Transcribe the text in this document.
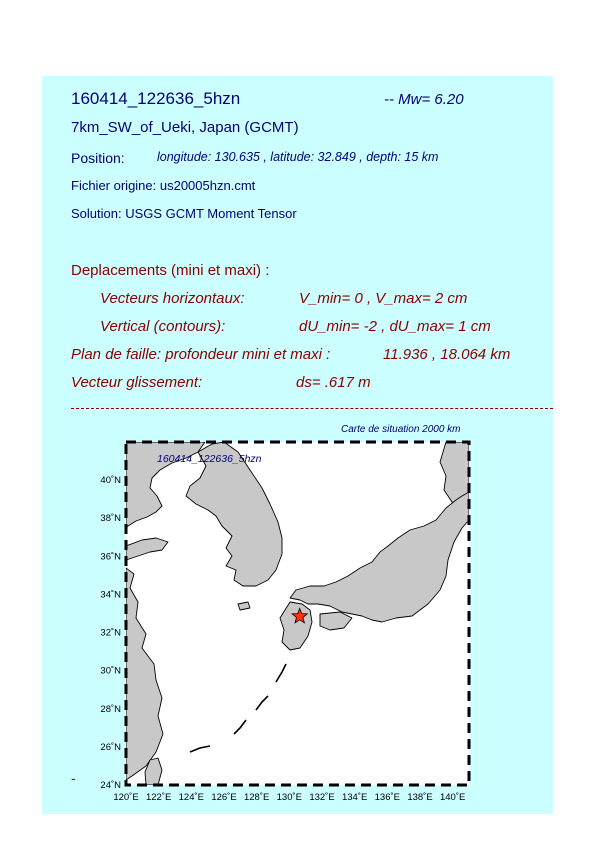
160414_122636_5hzn	-- Mw= 6.20
7km_SW_of_Ueki, Japan (GCMT)
Position:	longitude: 130.635 , latitude: 32.849 , depth: 15 km
Fichier origine: us20005hzn.cmt
Solution: USGS GCMT Moment Tensor
Deplacements (mini et maxi) :
Vecteurs horizontaux:	V_min= 0 , V_max= 2 cm
Vertical (contours):	dU_min= -2 , dU_max= 1 cm
Plan de faille: profondeur mini et maxi :	11.936 , 18.064 km
Vecteur glissement:	ds= .617 m
Carte de situation 2000 km
40˚N
38˚N
36˚N
34˚N
32˚N
30˚N
28˚N
26˚N
24˚N
120˚E 122˚E 124˚E 126˚E 128˚E 130˚E 132˚E 134˚E 136˚E 138˚E 140˚E
160414_122636_5hzn
-
